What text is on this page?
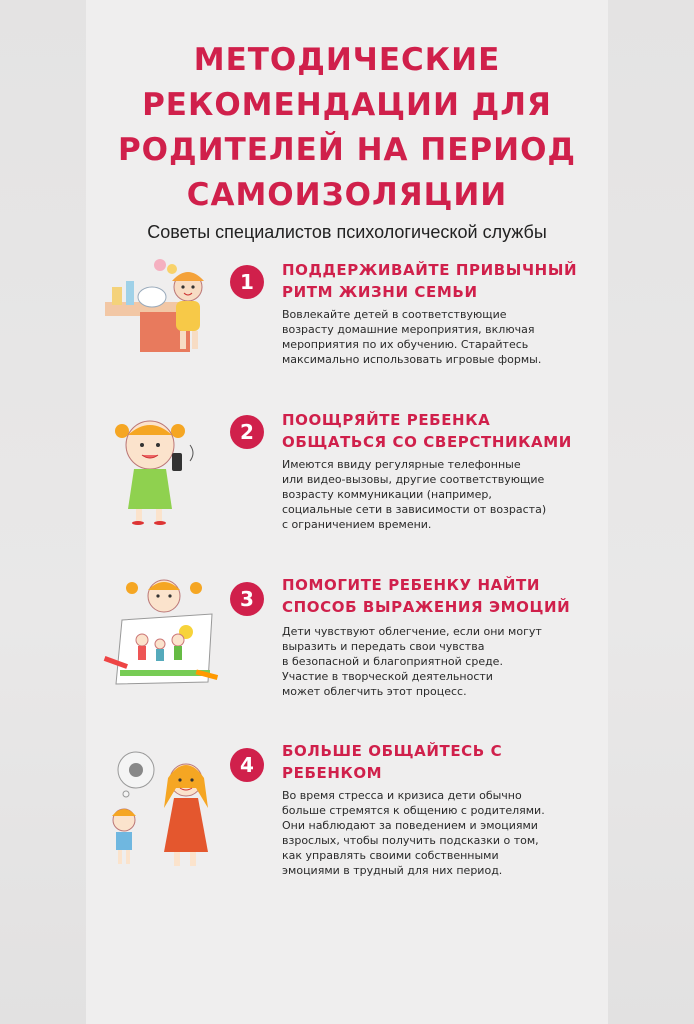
МЕТОДИЧЕСКИЕ
РЕКОМЕНДАЦИИ ДЛЯ
РОДИТЕЛЕЙ НА ПЕРИОД
САМОИЗОЛЯЦИИ
Советы специалистов психологической службы
1	ПОДДЕРЖИВАЙТЕ ПРИВЫЧНЫЙ
РИТМ ЖИЗНИ СЕМЬИ
Вовлекайте детей в соответствующие
возрасту домашние мероприятия, включая
мероприятия по их обучению. Старайтесь
максимально использовать игровые формы.
2	ПООЩРЯЙТЕ РЕБЕНКА
ОБЩАТЬСЯ СО СВЕРСТНИКАМИ
Имеются ввиду регулярные телефонные
или видео-вызовы, другие соответствующие
возрасту коммуникации (например,
социальные сети в зависимости от возраста)
с ограничением времени.
3
ПОМОГИТЕ РЕБЕНКУ НАЙТИ
СПОСОБ ВЫРАЖЕНИЯ ЭМОЦИЙ
Дети чувствуют облегчение, если они могут
выразить и передать свои чувства
в безопасной и благоприятной среде.
Участие в творческой деятельности
может облегчить этот процесс.
4
БОЛЬШЕ ОБЩАЙТЕСЬ С
РЕБЕНКОМ
Во время стресса и кризиса дети обычно
больше стремятся к общению с родителями.
Они наблюдают за поведением и эмоциями
взрослых, чтобы получить подсказки о том,
как управлять своими собственными
эмоциями в трудный для них период.
